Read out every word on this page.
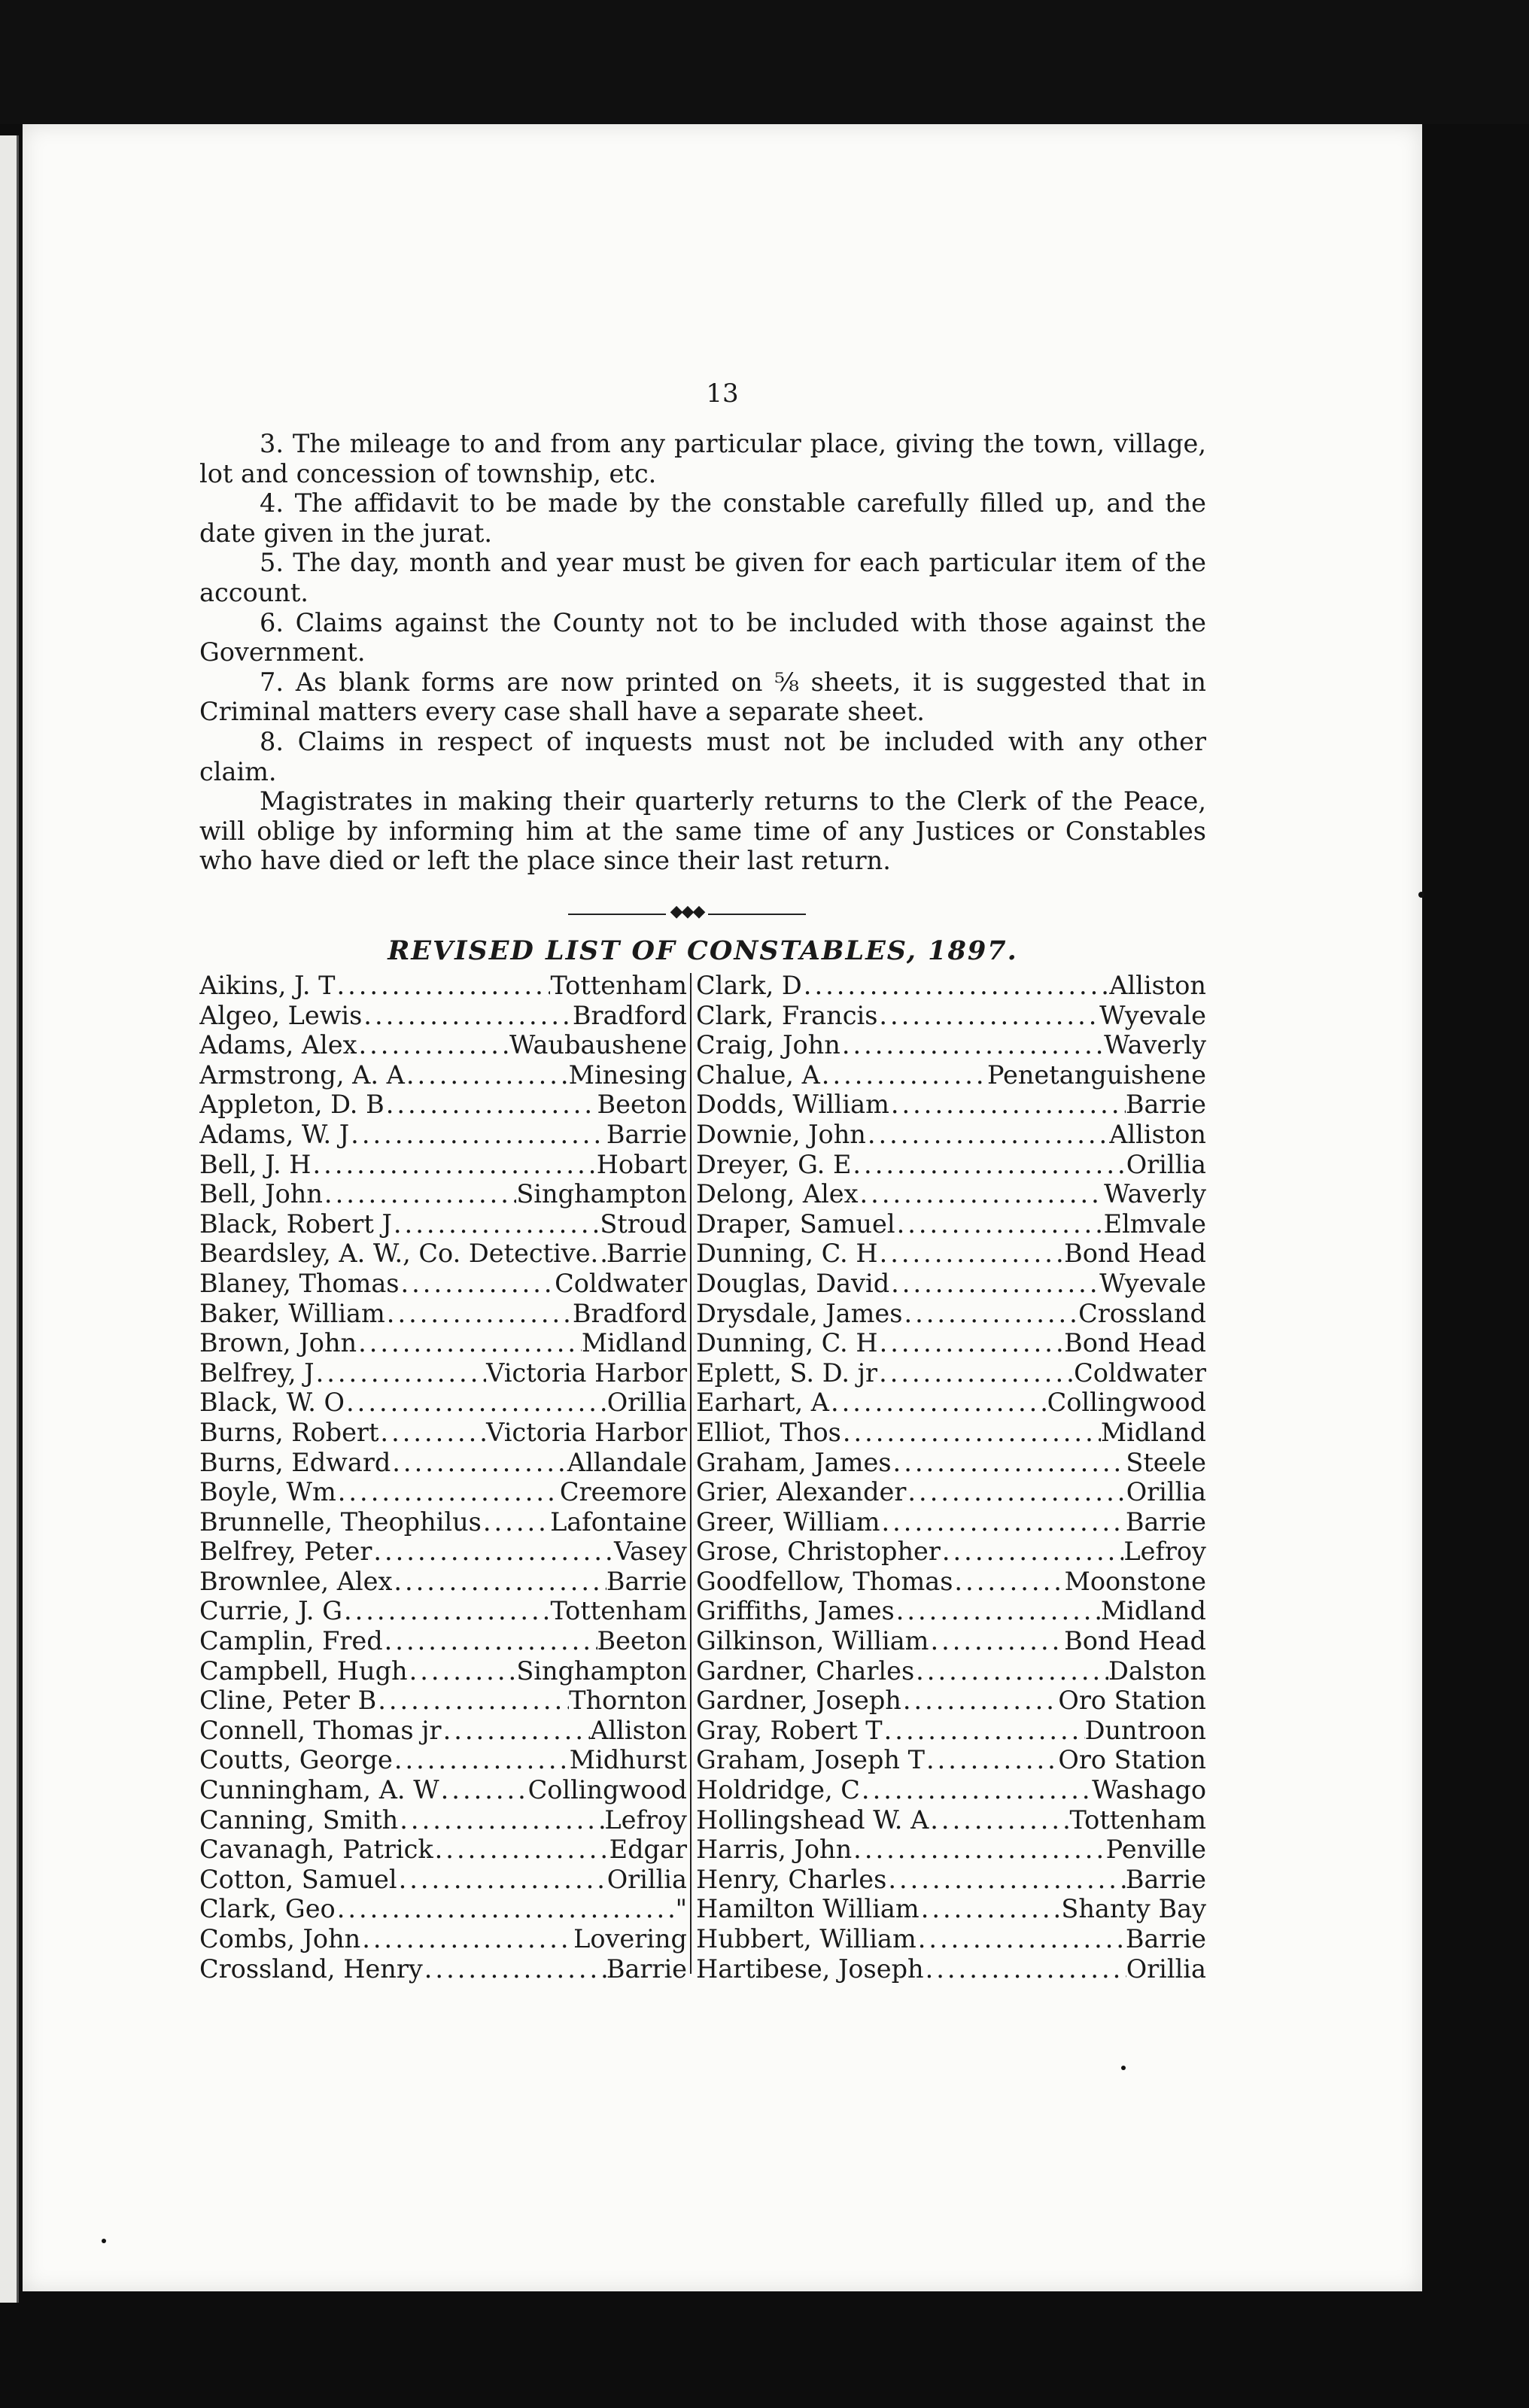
13

3. The mileage to and from any particular place, giving the town, village, lot and concession of township, etc.

4. The affidavit to be made by the constable carefully filled up, and the date given in the jurat.

5. The day, month and year must be given for each particular item of the account.

6. Claims against the County not to be included with those against the Government.

7. As blank forms are now printed on ⅝ sheets, it is suggested that in Criminal matters every case shall have a separate sheet.

8. Claims in respect of inquests must not be included with any other claim.

Magistrates in making their quarterly returns to the Clerk of the Peace, will oblige by informing him at the same time of any Justices or Constables who have died or left the place since their last return.

◆◆◆
REVISED LIST OF CONSTABLES, 1897.
Aikins, J. T .....	Tottenham
Algeo, Lewis .....	Bradford
Adams, Alex .....	Waubaushene
Armstrong, A. A .....	Minesing
Appleton, D. B .....	Beeton
Adams, W. J .....	Barrie
Bell, J. H .....	Hobart
Bell, John .....	Singhampton
Black, Robert J .....	Stroud
Beardsley, A. W., Co. Detective. ..... Barrie
Blaney, Thomas .....	Coldwater
Baker, William .....	Bradford
Brown, John .....	Midland
Belfrey, J .....	Victoria Harbor
Black, W. O .....	Orillia
Burns, Robert .....	Victoria Harbor
Burns, Edward .....	Allandale
Boyle, Wm .....	Creemore
Brunnelle, Theophilus .....	Lafontaine
Belfrey, Peter .....	Vasey
Brownlee, Alex .....	Barrie
Currie, J. G .....	Tottenham
Camplin, Fred .....	Beeton
Campbell, Hugh .....	Singhampton
Cline, Peter B .....	Thornton
Connell, Thomas jr .....	Alliston
Coutts, George .....	Midhurst
Cunningham, A. W .....	Collingwood
Canning, Smith .....	Lefroy
Cavanagh, Patrick .....	Edgar
Cotton, Samuel .....	Orillia
Clark, Geo .....	"
Combs, John .....	Lovering
Crossland, Henry .....	Barrie
Clark, D .....	Alliston
Clark, Francis .....	Wyevale
Craig, John .....	Waverly
Chalue, A .....	Penetanguishene
Dodds, William .....	Barrie
Downie, John .....	Alliston
Dreyer, G. E .....	Orillia
Delong, Alex .....	Waverly
Draper, Samuel .....	Elmvale
Dunning, C. H .....	Bond Head
Douglas, David .....	Wyevale
Drysdale, James .....	Crossland
Dunning, C. H .....	Bond Head
Eplett, S. D. jr .....	Coldwater
Earhart, A .....	Collingwood
Elliot, Thos .....	Midland
Graham, James .....	Steele
Grier, Alexander .....	Orillia
Greer, William .....	Barrie
Grose, Christopher .....	Lefroy
Goodfellow, Thomas .....	Moonstone
Griffiths, James .....	Midland
Gilkinson, William .....	Bond Head
Gardner, Charles .....	Dalston
Gardner, Joseph .....	Oro Station
Gray, Robert T .....	Duntroon
Graham, Joseph T .....	Oro Station
Holdridge, C .....	Washago
Hollingshead W. A .....	Tottenham
Harris, John .....	Penville
Henry, Charles .....	Barrie
Hamilton William .....	Shanty Bay
Hubbert, William .....	Barrie
Hartibese, Joseph .....	Orillia
